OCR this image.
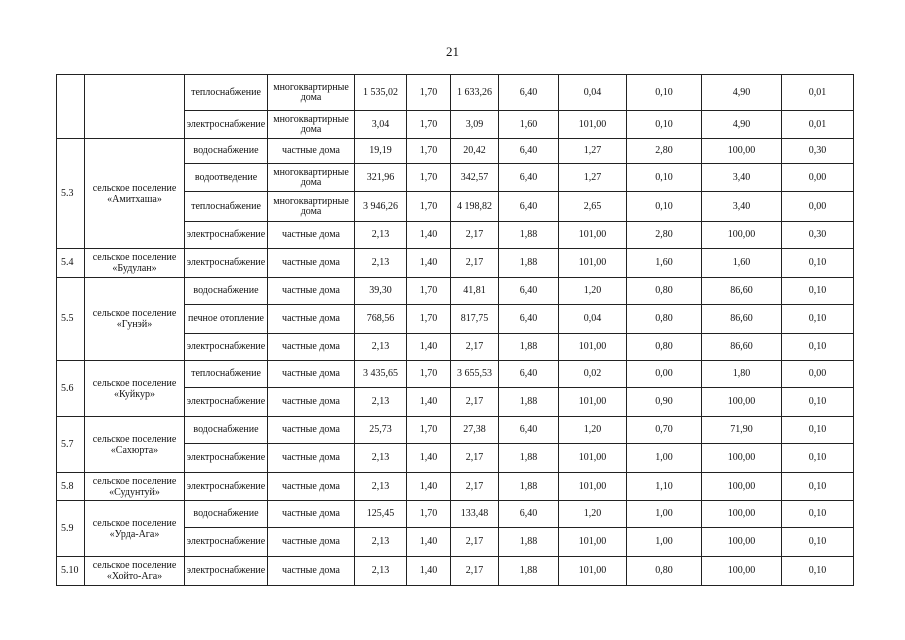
21
		теплоснабжение	многоквартирные дома	1 535,02	1,70	1 633,26	6,40	0,04	0,10	4,90	0,01
		электроснабжение	многоквартирные дома	3,04	1,70	3,09	1,60	101,00	0,10	4,90	0,01
5.3	сельское поселение «Амитхаша»	водоснабжение	частные дома	19,19	1,70	20,42	6,40	1,27	2,80	100,00	0,30
		водоотведение	многоквартирные дома	321,96	1,70	342,57	6,40	1,27	0,10	3,40	0,00
		теплоснабжение	многоквартирные дома	3 946,26	1,70	4 198,82	6,40	2,65	0,10	3,40	0,00
		электроснабжение	частные дома	2,13	1,40	2,17	1,88	101,00	2,80	100,00	0,30
5.4	сельское поселение «Будулан»	электроснабжение	частные дома	2,13	1,40	2,17	1,88	101,00	1,60	1,60	0,10
5.5	сельское поселение «Гунэй»	водоснабжение	частные дома	39,30	1,70	41,81	6,40	1,20	0,80	86,60	0,10
		печное отопление	частные дома	768,56	1,70	817,75	6,40	0,04	0,80	86,60	0,10
		электроснабжение	частные дома	2,13	1,40	2,17	1,88	101,00	0,80	86,60	0,10
5.6	сельское поселение «Куйкур»	теплоснабжение	частные дома	3 435,65	1,70	3 655,53	6,40	0,02	0,00	1,80	0,00
		электроснабжение	частные дома	2,13	1,40	2,17	1,88	101,00	0,90	100,00	0,10
5.7	сельское поселение «Сахюрта»	водоснабжение	частные дома	25,73	1,70	27,38	6,40	1,20	0,70	71,90	0,10
		электроснабжение	частные дома	2,13	1,40	2,17	1,88	101,00	1,00	100,00	0,10
5.8	сельское поселение «Судунтуй»	электроснабжение	частные дома	2,13	1,40	2,17	1,88	101,00	1,10	100,00	0,10
5.9	сельское поселение «Урда-Ага»	водоснабжение	частные дома	125,45	1,70	133,48	6,40	1,20	1,00	100,00	0,10
		электроснабжение	частные дома	2,13	1,40	2,17	1,88	101,00	1,00	100,00	0,10
5.10	сельское поселение «Хойто-Ага»	электроснабжение	частные дома	2,13	1,40	2,17	1,88	101,00	0,80	100,00	0,10
